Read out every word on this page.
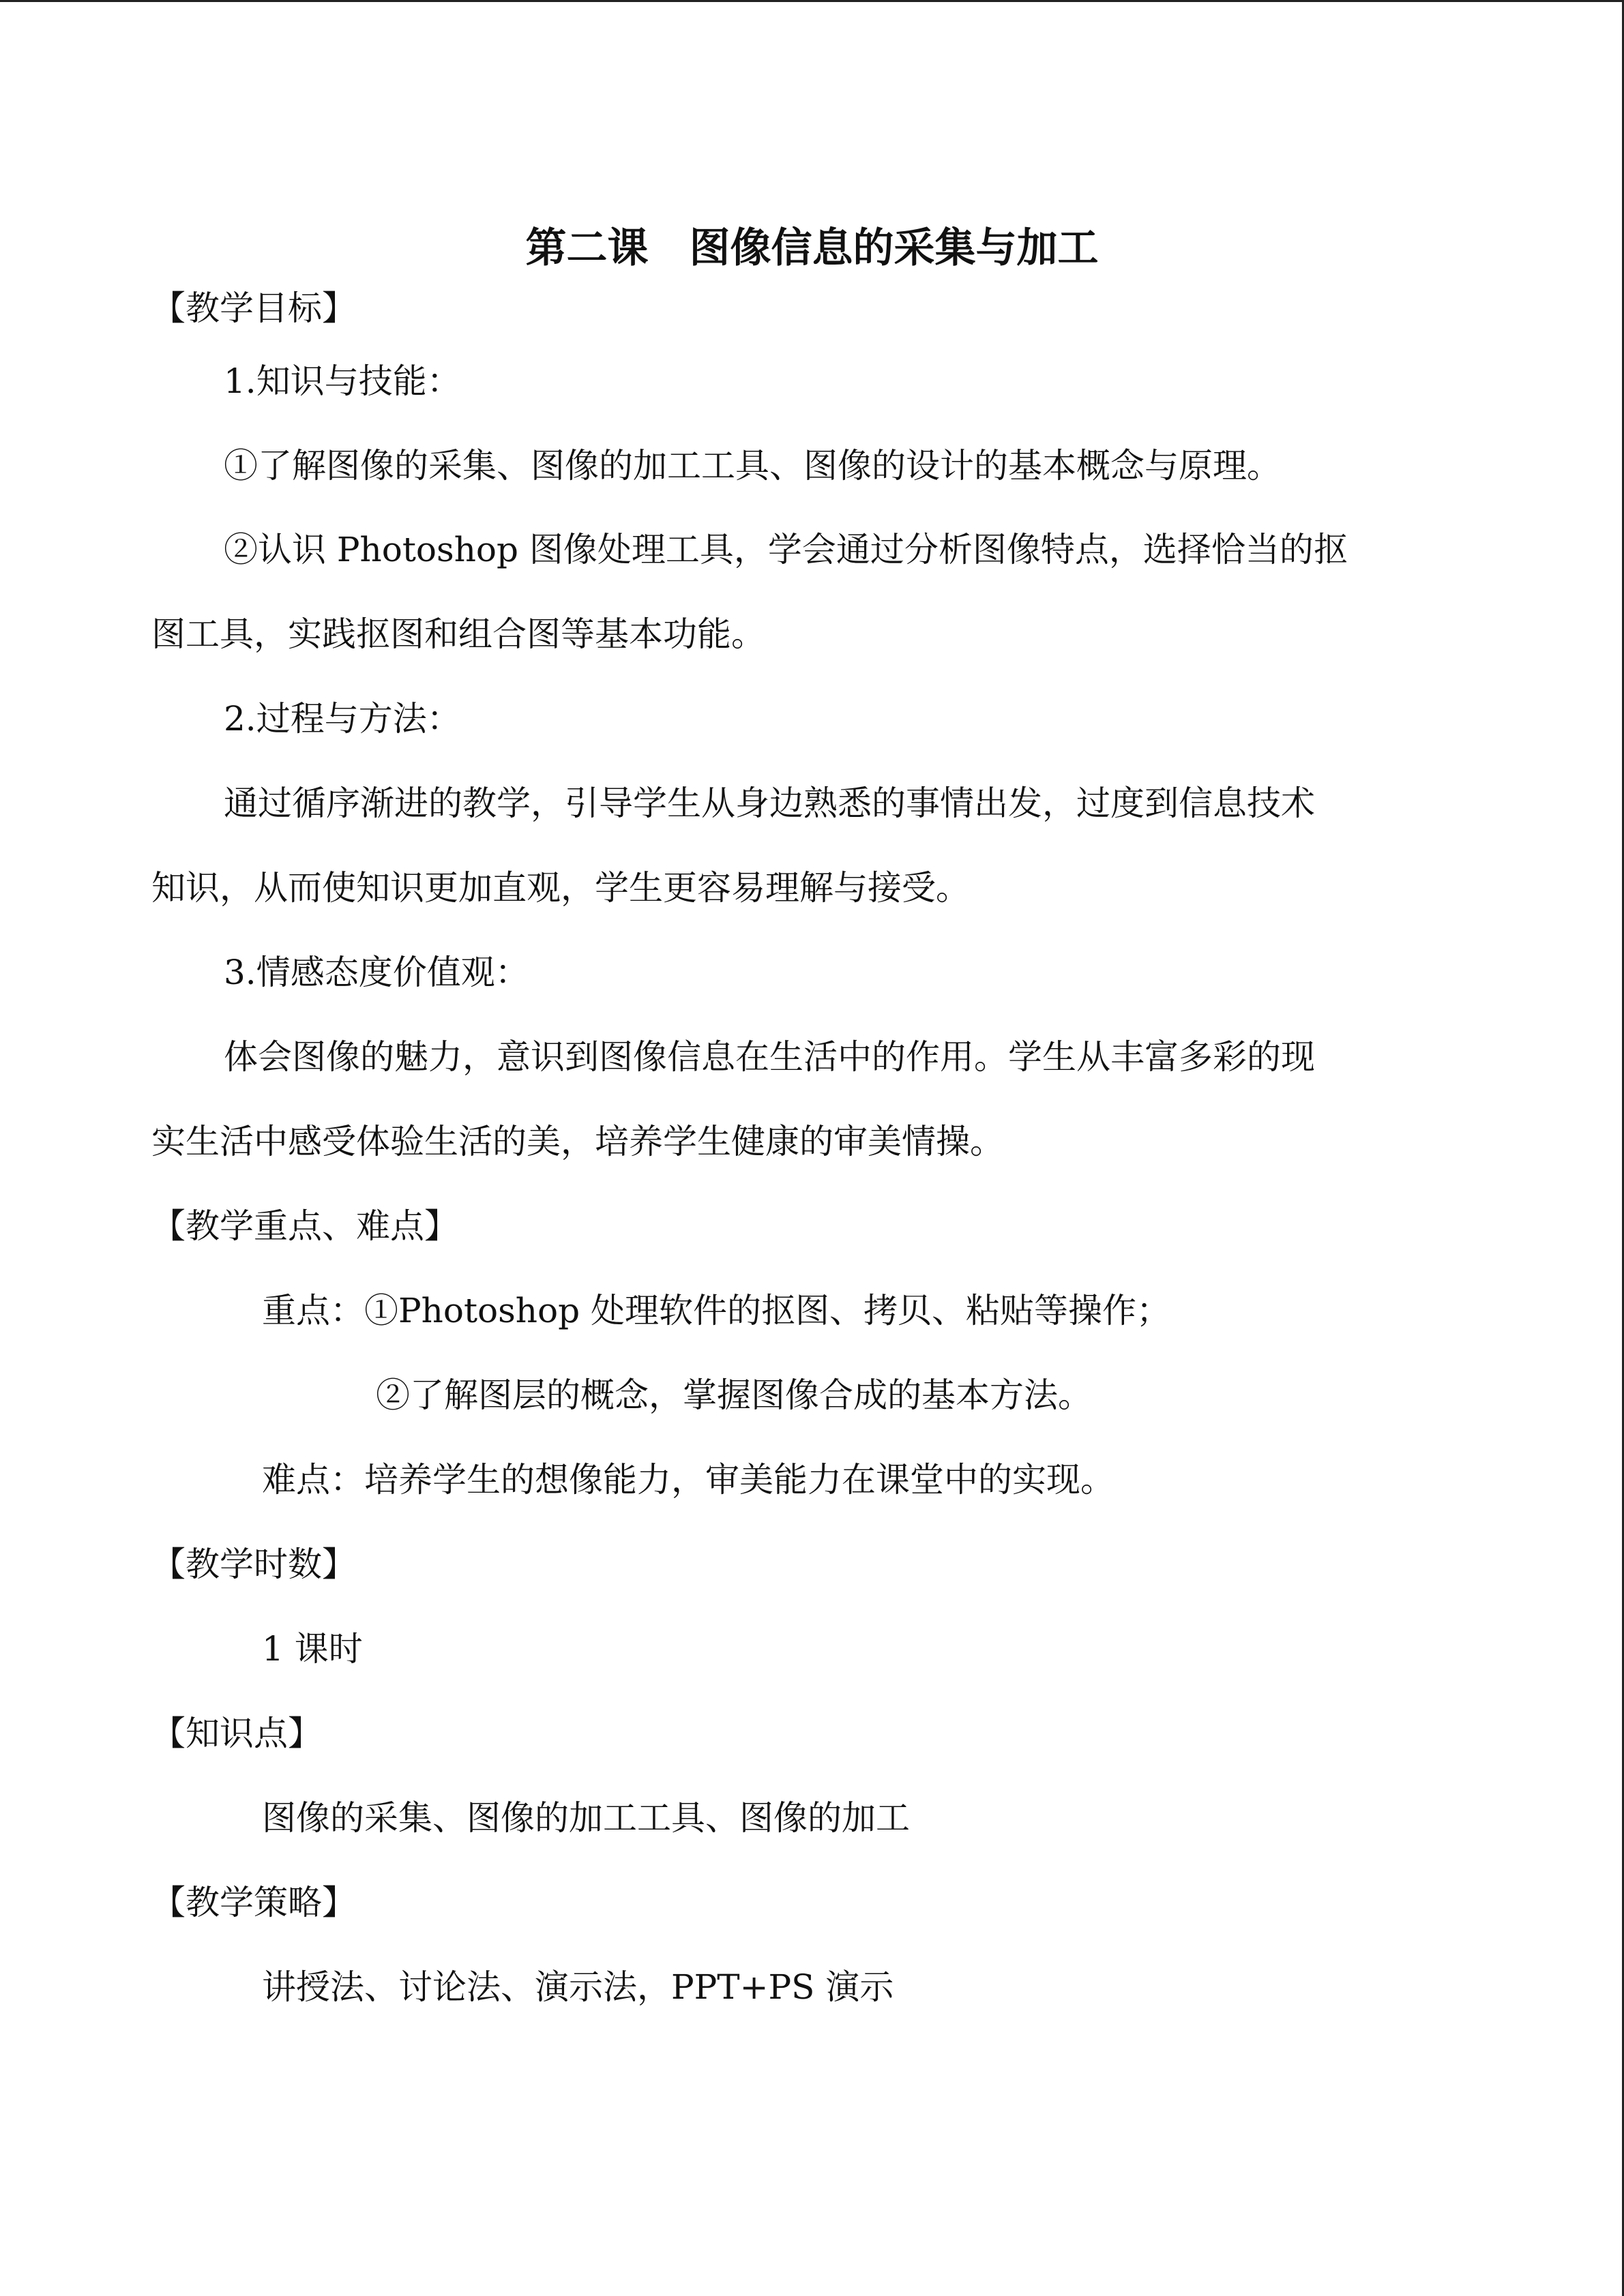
第二课 图像信息的采集与加工
【教学目标】
1.知识与技能：
①了解图像的采集、图像的加工工具、图像的设计的基本概念与原理。
②认识 Photoshop 图像处理工具，学会通过分析图像特点，选择恰当的抠
图工具，实践抠图和组合图等基本功能。
2.过程与方法：
通过循序渐进的教学，引导学生从身边熟悉的事情出发，过度到信息技术
知识，从而使知识更加直观，学生更容易理解与接受。
3.情感态度价值观：
体会图像的魅力，意识到图像信息在生活中的作用。学生从丰富多彩的现
实生活中感受体验生活的美，培养学生健康的审美情操。
【教学重点、难点】
重点：①Photoshop 处理软件的抠图、拷贝、粘贴等操作；
②了解图层的概念，掌握图像合成的基本方法。
难点：培养学生的想像能力，审美能力在课堂中的实现。
【教学时数】
1 课时
【知识点】
图像的采集、图像的加工工具、图像的加工
【教学策略】
讲授法、讨论法、演示法，PPT+PS 演示
